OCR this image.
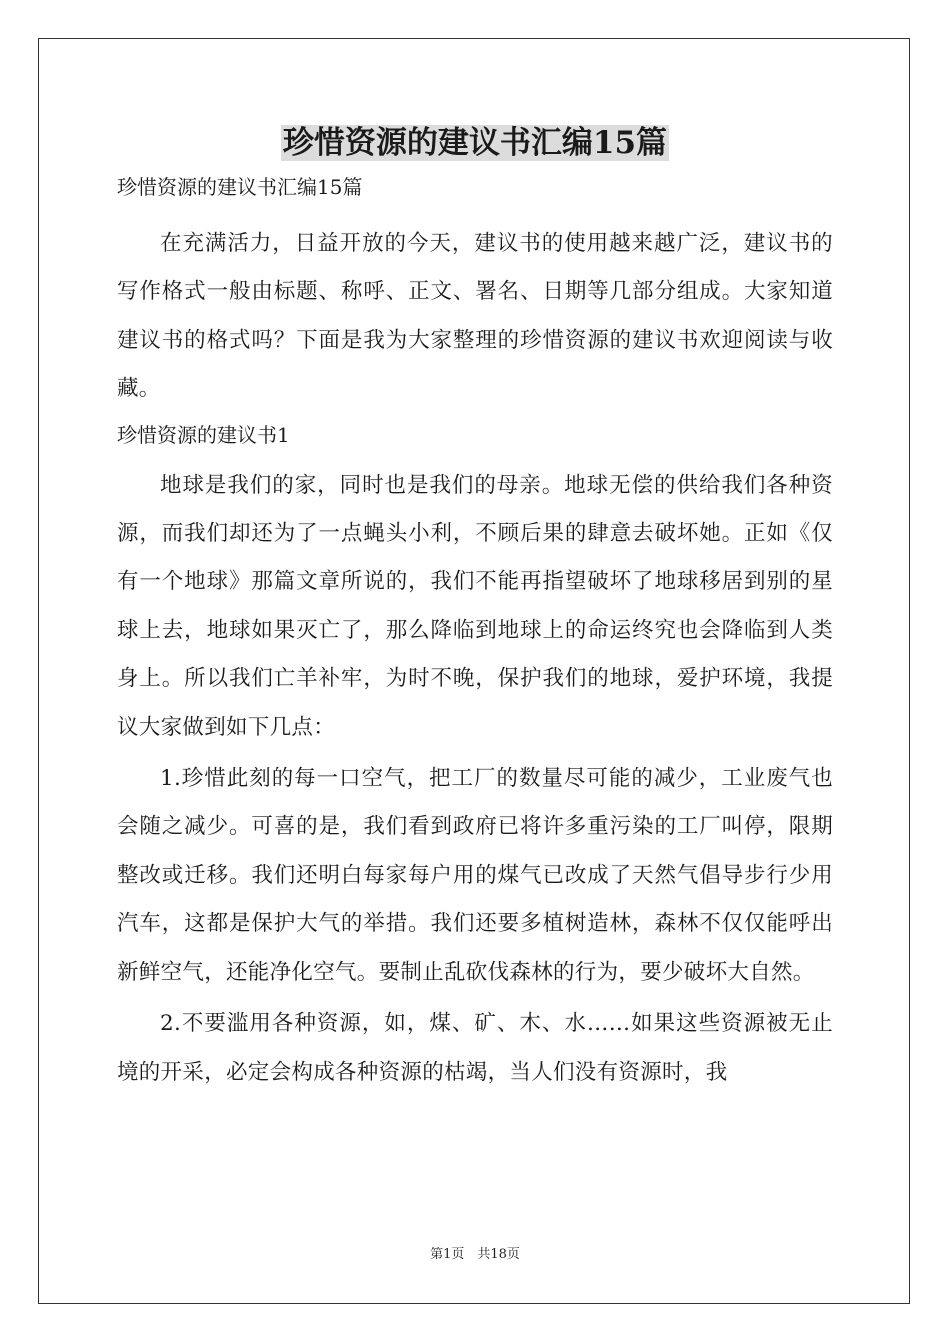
珍惜资源的建议书汇编15篇
珍惜资源的建议书汇编15篇

在充满活力，日益开放的今天，建议书的使用越来越广泛，建议书的写作格式一般由标题、称呼、正文、署名、日期等几部分组成。大家知道建议书的格式吗？下面是我为大家整理的珍惜资源的建议书欢迎阅读与收藏。

珍惜资源的建议书1

地球是我们的家，同时也是我们的母亲。地球无偿的供给我们各种资源，而我们却还为了一点蝇头小利，不顾后果的肆意去破坏她。正如《仅有一个地球》那篇文章所说的，我们不能再指望破坏了地球移居到别的星球上去，地球如果灭亡了，那么降临到地球上的命运终究也会降临到人类身上。所以我们亡羊补牢，为时不晚，保护我们的地球，爱护环境，我提议大家做到如下几点：

1.珍惜此刻的每一口空气，把工厂的数量尽可能的减少，工业废气也会随之减少。可喜的是，我们看到政府已将许多重污染的工厂叫停，限期整改或迁移。我们还明白每家每户用的煤气已改成了天然气倡导步行少用汽车，这都是保护大气的举措。我们还要多植树造林，森林不仅仅能呼出新鲜空气，还能净化空气。要制止乱砍伐森林的行为，要少破坏大自然。

2.不要滥用各种资源，如，煤、矿、木、水……如果这些资源被无止境的开采，必定会构成各种资源的枯竭，当人们没有资源时，我

第1页　共18页
